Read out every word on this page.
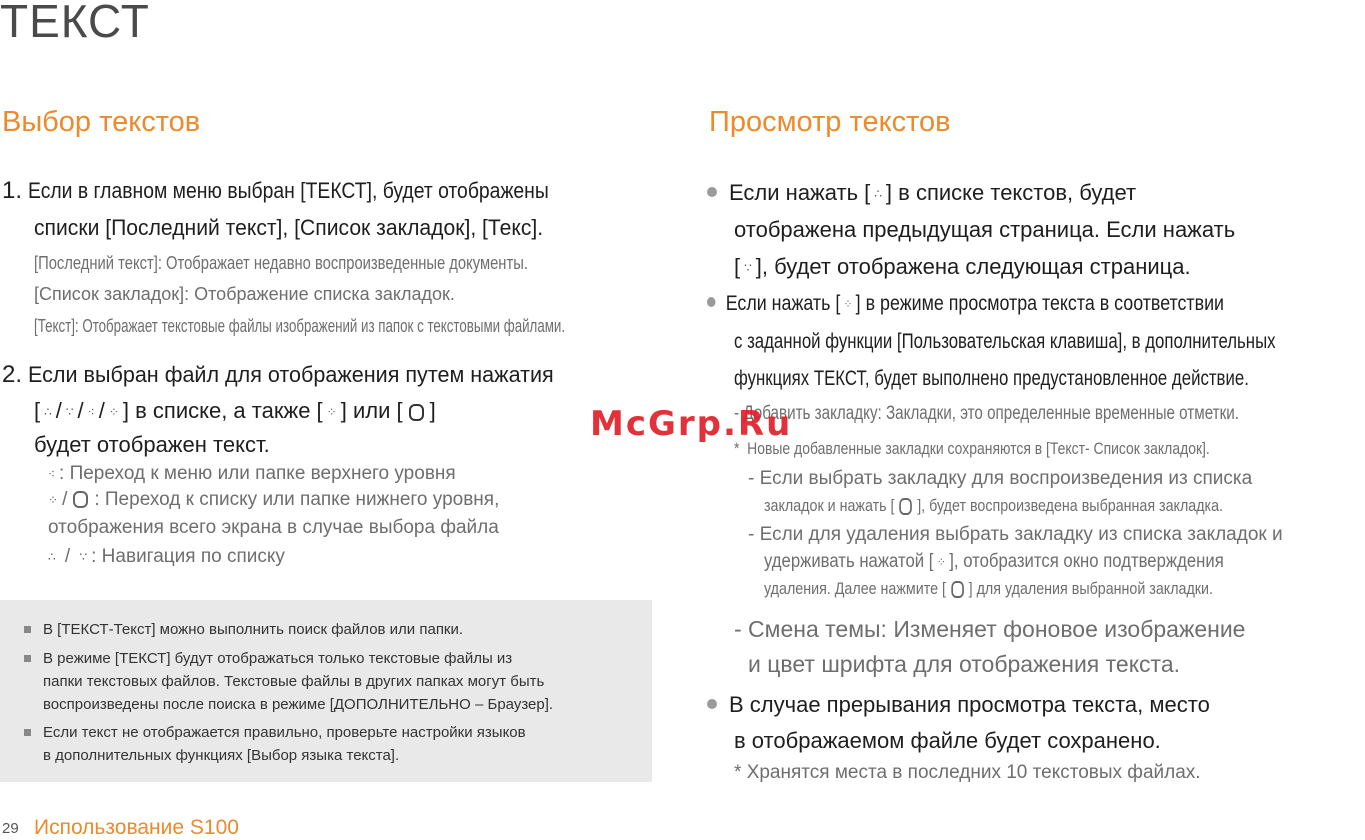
ТЕКСТ
Выбор текстов
1. Если в главном меню выбран [ТЕКСТ], будет отображены
списки [Последний текст], [Список закладок], [Текс].
[Последний текст]: Отображает недавно воспроизведенные документы.
[Список закладок]: Отображение списка закладок.
[Текст]: Отображает текстовые файлы изображений из папок с текстовыми файлами.
2. Если выбран файл для отображения путем нажатия
[ ∴ / ∵ / ⁖ / ⁘ ] в списке, а также [ ⁘ ] или [ ]
будет отображен текст.
⁖ : Переход к меню или папке верхнего уровня
⁘ / : Переход к списку или папке нижнего уровня,
отображения всего экрана в случае выбора файла
∴ / ∵ : Навигация по списку
В [ТЕКСТ-Текст] можно выполнить поиск файлов или папки.
В режиме [ТЕКСТ] будут отображаться только текстовые файлы из
папки текстовых файлов. Текстовые файлы в других папках могут быть
воспроизведены после поиска в режиме [ДОПОЛНИТЕЛЬНО – Браузер].
Если текст не отображается правильно, проверьте настройки языков
в дополнительных функциях [Выбор языка текста].
Просмотр текстов
Если нажать [ ∴ ] в списке текстов, будет
отображена предыдущая страница. Если нажать
[ ∵ ], будет отображена следующая страница.
Если нажать [ ⁘ ] в режиме просмотра текста в соответствии
с заданной функции [Пользовательская клавиша], в дополнительных
функциях ТЕКСТ, будет выполнено предустановленное действие.
- Добавить закладку: Закладки, это определенные временные отметки.
* Новые добавленные закладки сохраняются в [Текст- Список закладок].
- Если выбрать закладку для воспроизведения из списка
закладок и нажать [ ], будет воспроизведена выбранная закладка.
- Если для удаления выбрать закладку из списка закладок и
удерживать нажатой [ ⁘ ], отобразится окно подтверждения
удаления. Далее нажмите [ ] для удаления выбранной закладки.
- Смена темы: Изменяет фоновое изображение
и цвет шрифта для отображения текста.
В случае прерывания просмотра текста, место
в отображаемом файле будет сохранено.
* Хранятся места в последних 10 текстовых файлах.
McGrp.Ru
29 Использование S100
